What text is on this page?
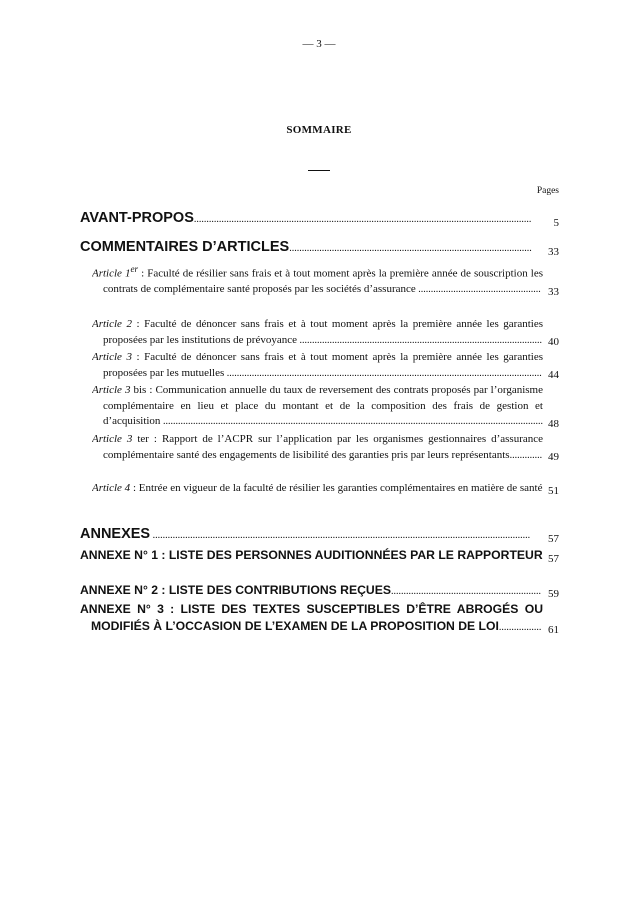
— 3 —
SOMMAIRE
Pages
AVANT-PROPOS.......................................................................................................................................	5
COMMENTAIRES D’ARTICLES.................................................................................................	33
Article 1er : Faculté de résilier sans frais et à tout moment après la première année de souscription les contrats de complémentaire santé proposés par les sociétés d’assurance ................................................. 33
Article 2 : Faculté de dénoncer sans frais et à tout moment après la première année les garanties proposées par les institutions de prévoyance ................................................................................................. 40
Article 3 : Faculté de dénoncer sans frais et à tout moment après la première année les garanties proposées par les mutuelles .............................................................................................................................. 44
Article 3 bis : Communication annuelle du taux de reversement des contrats proposés par l’organisme complémentaire en lieu et place du montant et de la composition des frais de gestion et d’acquisition ........................................................................................................................................................ 48
Article 3 ter : Rapport de l’ACPR sur l’application par les organismes gestionnaires d’assurance complémentaire santé des engagements de lisibilité des garanties pris par leurs représentants............. 49
Article 4 : Entrée en vigueur de la faculté de résilier les garanties complémentaires en matière de santé 51
ANNEXES .......................................................................................................................................................	57
ANNEXE N° 1 : LISTE DES PERSONNES AUDITIONNÉES PAR LE RAPPORTEUR 57
ANNEXE N° 2 : LISTE DES CONTRIBUTIONS REÇUES............................................................ 59
ANNEXE N° 3 : LISTE DES TEXTES SUSCEPTIBLES D’ÊTRE ABROGÉS OU MODIFIÉS À L’OCCASION DE L’EXAMEN DE LA PROPOSITION DE LOI................. 61
